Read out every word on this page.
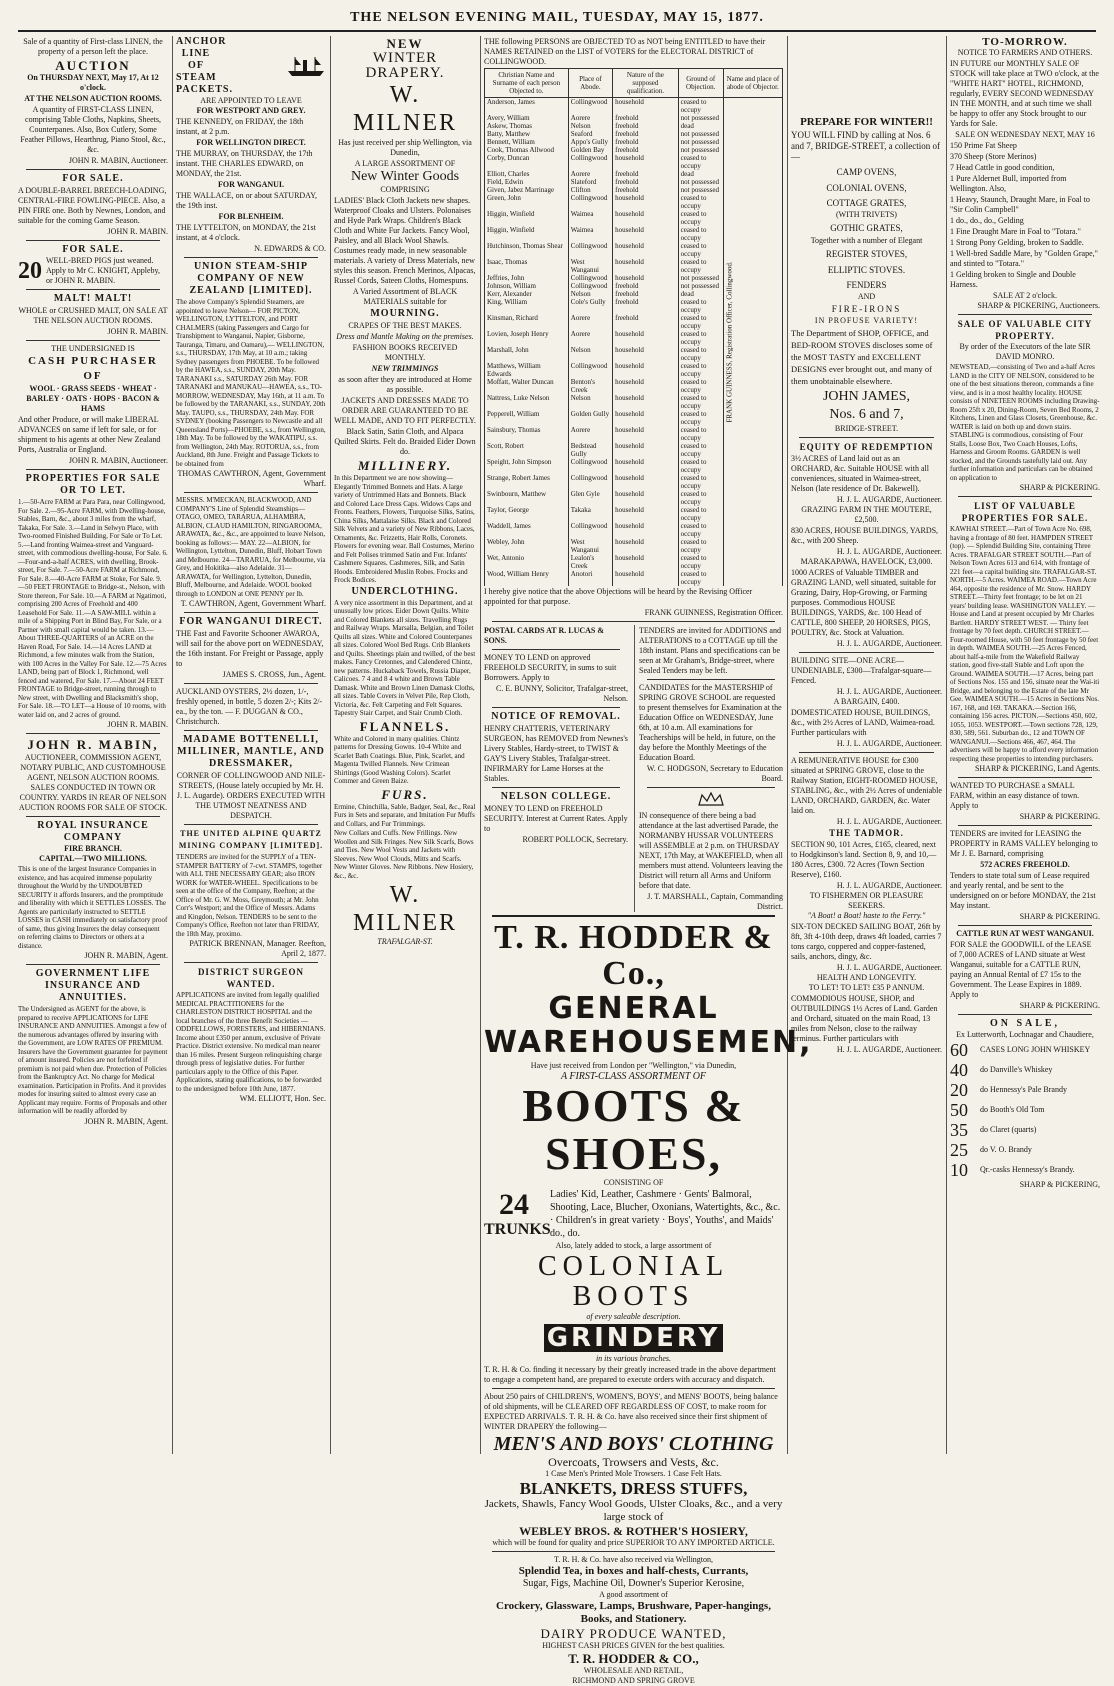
THE NELSON EVENING MAIL, TUESDAY, MAY 15, 1877.
Sale of a quantity of First-class LINEN, the property of a person left the place.
AUCTION
On THURSDAY NEXT, May 17, At 12 o'clock.
AT THE NELSON AUCTION ROOMS.
A quantity of FIRST-CLASS LINEN, comprising Table Cloths, Napkins, Sheets, Counterpanes. Also, Box Cutlery, Some Feather Pillows, Hearthrug, Piano Stool, &c., &c.
JOHN R. MABIN, Auctioneer.
FOR SALE.
A DOUBLE-BARREL BREECH-LOADING, CENTRAL-FIRE FOWLING-PIECE. Also, a PIN FIRE one. Both by Newnes, London, and suitable for the coming Game Season.
JOHN R. MABIN.
FOR SALE.
20 WELL-BRED PIGS just weaned. Apply to Mr C. KNIGHT, Appleby, or JOHN R. MABIN.
MALT! MALT!
WHOLE or CRUSHED MALT, ON SALE AT THE NELSON AUCTION ROOMS.
JOHN R. MABIN.
THE UNDERSIGNED IS
CASH PURCHASER OF
WOOL · GRASS SEEDS · WHEAT · BARLEY · OATS · HOPS · BACON & HAMS
And other Produce, or will make LIBERAL ADVANCES on same if left for sale, or for shipment to his agents at other New Zealand Ports, Australia or England.
JOHN R. MABIN, Auctioneer.
PROPERTIES FOR SALE OR TO LET.
1.—50-Acre FARM at Para Para, near Collingwood, For Sale. 2.—95-Acre FARM, with Dwelling-house, Stables, Barn, &c., about 3 miles from the wharf, Takaka, For Sale. 3.—Land in Selwyn Place, with Two-roomed Finished Building, For Sale or To Let. 5.—Land fronting Waimea-street and Vanguard-street, with commodious dwelling-house, For Sale. 6.—Four-and-a-half ACRES, with dwelling, Brook-street, For Sale. 7.—50-Acre FARM at Richmond, For Sale. 8.—40-Acre FARM at Stoke, For Sale. 9.—50 FEET FRONTAGE to Bridge-st., Nelson, with Store thereon, For Sale. 10.—A FARM at Ngatimoti, comprising 200 Acres of Freehold and 400 Leasehold For Sale. 11.—A SAW-MILL within a mile of a Shipping Port in Blind Bay, For Sale, or a Partner with small capital would be taken. 13.—About THREE-QUARTERS of an ACRE on the Haven Road, For Sale. 14.—14 Acres LAND at Richmond, a few minutes walk from the Station, with 100 Acres in the Valley For Sale. 12.—75 Acres LAND, being part of Block 1, Richmond, well fenced and watered, For Sale. 17.—About 24 FEET FRONTAGE to Bridge-street, running through to New street, with Dwelling and Blacksmith's shop, For Sale. 18.—TO LET—a House of 10 rooms, with water laid on, and 2 acres of ground.
JOHN R. MABIN.
JOHN R. MABIN,
AUCTIONEER, COMMISSION AGENT, NOTARY PUBLIC, AND CUSTOMHOUSE AGENT, NELSON AUCTION ROOMS. SALES CONDUCTED IN TOWN OR COUNTRY. YARDS IN REAR OF NELSON AUCTION ROOMS FOR SALE OF STOCK.
ROYAL INSURANCE COMPANY
FIRE BRANCH.
CAPITAL—TWO MILLIONS.
This is one of the largest Insurance Companies in existence, and has acquired immense popularity throughout the World by the UNDOUBTED SECURITY it affords Insurers, and the promptitude and liberality with which it SETTLES LOSSES. The Agents are particularly instructed to SETTLE LOSSES in CASH immediately on satisfactory proof of same, thus giving Insurers the delay consequent on referring claims to Directors or others at a distance.
JOHN R. MABIN, Agent.
GOVERNMENT LIFE INSURANCE AND ANNUITIES.
The Undersigned as AGENT for the above, is prepared to receive APPLICATIONS for LIFE INSURANCE AND ANNUITIES. Amongst a few of the numerous advantages offered by insuring with the Government, are LOW RATES OF PREMIUM. Insurers have the Government guarantee for payment of amount insured. Policies are not forfeited if premium is not paid when due. Protection of Policies from the Bankruptcy Act. No charge for Medical examination. Participation in Profits. And it provides modes for insuring suited to almost every case an Applicant may require. Forms of Proposals and other information will be readily afforded by
JOHN R. MABIN, Agent.
ANCHOR LINE OF STEAM PACKETS.
ARE APPOINTED TO LEAVE
FOR WESTPORT AND GREY.
THE KENNEDY, on FRIDAY, the 18th instant, at 2 p.m.
FOR WELLINGTON DIRECT.
THE MURRAY, on THURSDAY, the 17th instant. THE CHARLES EDWARD, on MONDAY, the 21st.
FOR WANGANUI.
THE WALLACE, on or about SATURDAY, the 19th inst.
FOR BLENHEIM.
THE LYTTELTON, on MONDAY, the 21st instant, at 4 o'clock.
N. EDWARDS & CO.
UNION STEAM-SHIP COMPANY OF NEW ZEALAND [LIMITED].
The above Company's Splendid Steamers, are appointed to leave Nelson— FOR PICTON, WELLINGTON, LYTTELTON, and PORT CHALMERS (taking Passengers and Cargo for Transhipment to Wanganui, Napier, Gisborne, Tauranga, Timaru, and Oamaru),— WELLINGTON, s.s., THURSDAY, 17th May, at 10 a.m.; taking Sydney passengers from PHOEBE. To be followed by the HAWEA, s.s., SUNDAY, 20th May. TARANAKI s.s., SATURDAY 26th May. FOR TARANAKI and MANUKAU—HAWEA, s.s., TO-MORROW, WEDNESDAY, May 16th, at 11 a.m. To be followed by the TARANAKI, s.s., SUNDAY, 20th May. TAUPO, s.s., THURSDAY, 24th May. FOR SYDNEY (booking Passengers to Newcastle and all Queensland Ports)—PHOEBE, s.s., from Wellington, 18th May. To be followed by the WAKATIPU, s.s. from Wellington, 24th May. ROTORUA, s.s., from Auckland, 8th June. Freight and Passage Tickets to be obtained from
THOMAS CAWTHRON, Agent, Government Wharf.
MESSRS. M'MECKAN, BLACKWOOD, AND COMPANY'S Line of Splendid Steamships—OTAGO, OMEO, TARARUA, ALHAMBRA, ALBION, CLAUD HAMILTON, RINGAROOMA, ARAWATA, &c., &c., are appointed to leave Nelson, booking as follows:— MAY. 22—ALBION, for Wellington, Lyttelton, Dunedin, Bluff, Hobart Town and Melbourne. 24—TARARUA, for Melbourne, via Grey, and Hokitika—also Adelaide. 31—ARAWATA, for Wellington, Lyttelton, Dunedin, Bluff, Melbourne, and Adelaide. WOOL booked through to LONDON at ONE PENNY per lb.
T. CAWTHRON, Agent, Government Wharf.
FOR WANGANUI DIRECT.
THE Fast and Favorite Schooner AWAROA, will sail for the above port on WEDNESDAY, the 16th instant. For Freight or Passage, apply to
JAMES S. CROSS, Jun., Agent.
AUCKLAND OYSTERS, 2½ dozen, 1/-, freshly opened, in bottle, 5 dozen 2/-; Kits 2/- ea., by the ton. — F. DUGGAN & CO., Christchurch.
MADAME BOTTENELLI, MILLINER, MANTLE, AND DRESSMAKER,
CORNER OF COLLINGWOOD AND NILE-STREETS, (House lately occupied by Mr. H. J. L. Augarde). ORDERS EXECUTED WITH THE UTMOST NEATNESS AND DESPATCH.
THE UNITED ALPINE QUARTZ MINING COMPANY [LIMITED].
TENDERS are invited for the SUPPLY of a TEN-STAMPER BATTERY of 7-cwt. STAMPS, together with ALL THE NECESSARY GEAR; also IRON WORK for WATER-WHEEL. Specifications to be seen at the office of the Company, Reefton; at the Office of Mr. G. W. Moss, Greymouth; at Mr. John Corr's Westport; and the Office of Messrs. Adams and Kingdon, Nelson. TENDERS to be sent to the Company's Office, Reefton not later than FRIDAY, the 18th May, proximo.
PATRICK BRENNAN, Manager. Reefton, April 2, 1877.
DISTRICT SURGEON WANTED.
APPLICATIONS are invited from legally qualified MEDICAL PRACTITIONERS for the CHARLESTON DISTRICT HOSPITAL and the local branches of the three Benefit Societies — ODDFELLOWS, FORESTERS, and HIBERNIANS. Income about £350 per annum, exclusive of Private Practice. District extensive. No medical man nearer than 16 miles. Present Surgeon relinquishing charge through press of legislative duties. For further particulars apply to the Office of this Paper. Applications, stating qualifications, to be forwarded to the undersigned before 10th June, 1877.
WM. ELLIOTT, Hon. Sec.
NEW
WINTER DRAPERY.
W. MILNER
Has just received per ship Wellington, via Dunedin,
A LARGE ASSORTMENT OF
New Winter Goods
COMPRISING
LADIES' Black Cloth Jackets new shapes. Waterproof Cloaks and Ulsters. Polonaises and Hyde Park Wraps. Children's Black Cloth and White Fur Jackets. Fancy Wool, Paisley, and all Black Wool Shawls. Costumes ready made, in new seasonable materials. A variety of Dress Materials, new styles this season. French Merinos, Alpacas, Russel Cords, Sateen Cloths, Homespuns.
A Varied Assortment of BLACK MATERIALS suitable for
MOURNING.
CRAPES OF THE BEST MAKES.
Dress and Mantle Making on the premises.
FASHION BOOKS RECEIVED MONTHLY.
NEW TRIMMINGS
as soon after they are introduced at Home as possible.
JACKETS AND DRESSES MADE TO ORDER ARE GUARANTEED TO BE WELL MADE, AND TO FIT PERFECTLY.
Black Satin, Satin Cloth, and Alpaca Quilted Skirts. Felt do. Braided Eider Down do.
MILLINERY.
In this Department we are now showing— Elegantly Trimmed Bonnets and Hats. A large variety of Untrimmed Hats and Bonnets. Black and Colored Lace Dress Caps. Widows Caps and Fronts. Feathers, Flowers, Turquoise Silks, Satins, China Silks, Mattalaise Silks. Black and Colored Silk Velvets and a variety of New Ribbons, Laces, Ornaments, &c. Frizzetts, Hair Rolls, Coronets. Flowers for evening wear. Ball Costumes, Merino and Felt Polises trimmed Satin and Fur. Infants' Cashmere Squares. Cashmeres, Silk, and Satin Hoods. Embroidered Muslin Robes. Frocks and Frock Bodices.
UNDERCLOTHING.
A very nice assortment in this Department, and at unusually low prices. Eider Down Quilts. White and Colored Blankets all sizes. Travelling Rugs and Railway Wraps. Marsalla, Belgian, and Toilet Quilts all sizes. White and Colored Counterpanes all sizes. Colored Wool Bed Rugs. Crib Blankets and Quilts. Sheetings plain and twilled, of the best makes. Fancy Cretonnes, and Calendered Chintz, new patterns. Huckaback Towels, Russia Diaper, Calicoes. 7 4 and 8 4 white and Brown Table Damask. White and Brown Linen Damask Cloths, all sizes. Table Covers in Velvet Pile, Rep Cloth, Victoria, &c. Felt Carpeting and Felt Squares. Tapestry Stair Carpet, and Stair Crumb Cloth.
FLANNELS.
White and Colored in many qualities. Chintz patterns for Dressing Gowns. 10-4 White and Scarlet Bath Coatings. Blue, Pink, Scarlet, and Magenta Twilled Flannels. New Crimean Shirtings (Good Washing Colors). Scarlet Commer and Green Baize.
FURS.
Ermine, Chinchilla, Sable, Badger, Seal, &c., Real Furs in Sets and separate, and Imitation Fur Muffs and Collars, and Fur Trimmings.
New Collars and Cuffs. New Frillings. New Woollen and Silk Fringes. New Silk Scarfs, Bows and Ties. New Wool Vests and Jackets with Sleeves. New Wool Clouds, Mitts and Scarfs. New Winter Gloves. New Ribbons. New Hosiery, &c., &c.
W. MILNER
TRAFALGAR-ST.
THE following PERSONS are OBJECTED TO as NOT being ENTITLED to have their NAMES RETAINED on the LIST of VOTERS for the ELECTORAL DISTRICT of COLLINGWOOD.
Christian Name and Surname of each person Objected to.	Place of Abode.	Nature of the supposed qualification.	Ground of Objection.	Name and place of abode of Objector.
Anderson, James	Collingwood	household	ceased to occupy	FRANK GUINNESS, Registration Officer, Collingwood.
Avery, William	Aorere	freehold	not possessed	
Askew, Thomas	Nelson	freehold	dead	
Batty, Matthew	Seaford	freehold	not possessed	
Bennett, William	Appo's Gully	freehold	not possessed	
Cook, Thomas Allwood	Golden Bay	freehold	not possessed	
Corby, Duncan	Collingwood	household	ceased to occupy	
Elliott, Charles	Aorere	freehold	dead	
Field, Edwin	Slateford	freehold	not possessed	
Given, Jabez Marrinage	Clifton	freehold	not possessed	
Green, John	Collingwood	household	ceased to occupy	
Higgin, Winfield	Waimea	household	ceased to occupy	
Higgin, Winfield	Waimea	household	ceased to occupy	
Hutchinson, Thomas Shear	Collingwood	household	ceased to occupy	
Isaac, Thomas	West Wanganui	household	ceased to occupy	
Jeffries, John	Collingwood	household	not possessed	
Johnson, William	Collingwood	freehold	not possessed	
Kerr, Alexander	Nelson	freehold	dead	
King, William	Cole's Gully	freehold	ceased to occupy	
Kinsman, Richard	Aorere	freehold	ceased to occupy	
Lovien, Joseph Henry	Aorere	household	ceased to occupy	
Marshall, John	Nelson	household	ceased to occupy	
Matthews, William Edwards	Collingwood	household	ceased to occupy	
Moffatt, Walter Duncan	Benton's Creek	household	ceased to occupy	
Nattress, Luke Nelson	Nelson	household	ceased to occupy	
Pepperell, William	Golden Gully	household	ceased to occupy	
Sainsbury, Thomas	Aorere	household	ceased to occupy	
Scott, Robert	Bedstead Gully	household	ceased to occupy	
Speight, John Simpson	Collingwood	household	ceased to occupy	
Strange, Robert James	Collingwood	household	ceased to occupy	
Swinbourn, Matthew	Glen Gyle	household	ceased to occupy	
Taylor, George	Takaka	household	ceased to occupy	
Waddell, James	Collingwood	household	ceased to occupy	
Webley, John	West Wanganui	household	ceased to occupy	
Wet, Antonio	Lealon's Creek	household	ceased to occupy	
Wood, William Henry	Anotori	household	ceased to occupy	
I hereby give notice that the above Objections will be heard by the Revising Officer appointed for that purpose.
FRANK GUINNESS, Registration Officer.
POSTAL CARDS AT R. LUCAS & SONS.
MONEY TO LEND on approved FREEHOLD SECURITY, in sums to suit Borrowers. Apply to
C. E. BUNNY, Solicitor, Trafalgar-street, Nelson.
NOTICE OF REMOVAL.
HENRY CHATTERIS, VETERINARY SURGEON, has REMOVED from Newnes's Livery Stables, Hardy-street, to TWIST & GAY'S Livery Stables, Trafalgar-street. INFIRMARY for Lame Horses at the Stables.
NELSON COLLEGE.
MONEY TO LEND on FREEHOLD SECURITY. Interest at Current Rates. Apply to
ROBERT POLLOCK, Secretary.
TENDERS are invited for ADDITIONS and ALTERATIONS to a COTTAGE up till the 18th instant. Plans and specifications can be seen at Mr Graham's, Bridge-street, where Sealed Tenders may be left.
CANDIDATES for the MASTERSHIP of SPRING GROVE SCHOOL are requested to present themselves for Examination at the Education Office on WEDNESDAY, June 6th, at 10 a.m. All examinations for Teacherships will be held, in future, on the day before the Monthly Meetings of the Education Board.
W. C. HODGSON, Secretary to Education Board.
IN consequence of there being a bad attendance at the last advertised Parade, the NORMANBY HUSSAR VOLUNTEERS will ASSEMBLE at 2 p.m. on THURSDAY NEXT, 17th May, at WAKEFIELD, when all members must attend. Volunteers leaving the District will return all Arms and Uniform before that date.
J. T. MARSHALL, Captain, Commanding District.
T. R. HODDER & Co.,
GENERAL WAREHOUSEMEN,
Have just received from London per "Wellington," via Dunedin,
A FIRST-CLASS ASSORTMENT OF
BOOTS & SHOES,
CONSISTING OF
24
TRUNKS
Ladies' Kid, Leather, Cashmere · Gents' Balmoral, Shooting, Lace, Blucher, Oxonians, Watertights, &c., &c. · Children's in great variety · Boys', Youths', and Maids' do., do.
Also, lately added to stock, a large assortment of
COLONIAL BOOTS
of every saleable description.
GRINDERY
in its various branches.
T. R. H. & Co. finding it necessary by their greatly increased trade in the above department to engage a competent hand, are prepared to execute orders with accuracy and dispatch.
About 250 pairs of CHILDREN'S, WOMEN'S, BOYS', and MENS' BOOTS, being balance of old shipments, will be CLEARED OFF REGARDLESS OF COST, to make room for EXPECTED ARRIVALS. T. R. H. & Co. have also received since their first shipment of WINTER DRAPERY the following—
MEN'S AND BOYS' CLOTHING
Overcoats, Trowsers and Vests, &c.
1 Case Men's Printed Mole Trowsers. 1 Case Felt Hats.
BLANKETS, DRESS STUFFS,
Jackets, Shawls, Fancy Wool Goods, Ulster Cloaks, &c., and a very large stock of
WEBLEY BROS. & ROTHER'S HOSIERY,
which will be found for quality and price SUPERIOR TO ANY IMPORTED ARTICLE.
T. R. H. & Co. have also received via Wellington,
Splendid Tea, in boxes and half-chests, Currants,
Sugar, Figs, Machine Oil, Downer's Superior Kerosine,
A good assortment of
Crockery, Glassware, Lamps, Brushware, Paper-hangings, Books, and Stationery.
DAIRY PRODUCE WANTED,
HIGHEST CASH PRICES GIVEN for the best qualities.
T. R. HODDER & CO.,
WHOLESALE AND RETAIL,
RICHMOND AND SPRING GROVE
PREPARE FOR WINTER!!
YOU WILL FIND by calling at Nos. 6 and 7, BRIDGE-STREET, a collection of—
CAMP OVENS,
COLONIAL OVENS,
COTTAGE GRATES,
(WITH TRIVETS)
GOTHIC GRATES,
Together with a number of Elegant
REGISTER STOVES,
ELLIPTIC STOVES.
FENDERS
AND
FIRE-IRONS
IN PROFUSE VARIETY!
The Department of SHOP, OFFICE, and BED-ROOM STOVES discloses some of the MOST TASTY and EXCELLENT DESIGNS ever brought out, and many of them unobtainable elsewhere.
JOHN JAMES,
Nos. 6 and 7,
BRIDGE-STREET.
EQUITY OF REDEMPTION
3½ ACRES of Land laid out as an ORCHARD, &c. Suitable HOUSE with all conveniences, situated in Waimea-street, Nelson (late residence of Dr. Bakewell).
H. J. L. AUGARDE, Auctioneer.
GRAZING FARM IN THE MOUTERE, £2,500.
830 ACRES, HOUSE BUILDINGS, YARDS, &c., with 200 Sheep.
H. J. L. AUGARDE, Auctioneer.
MARAKAPAWA, HAVELOCK, £3,000.
1000 ACRES of Valuable TIMBER and GRAZING LAND, well situated, suitable for Grazing, Dairy, Hop-Growing, or Farming purposes. Commodious HOUSE BUILDINGS, YARDS, &c. 100 Head of CATTLE, 800 SHEEP, 20 HORSES, PIGS, POULTRY, &c. Stock at Valuation.
H. J. L. AUGARDE, Auctioneer.
BUILDING SITE—ONE ACRE—UNDENIABLE, £300—Trafalgar-square—Fenced.
H. J. L. AUGARDE, Auctioneer.
A BARGAIN, £400.
DOMESTICATED HOUSE, BUILDINGS, &c., with 2½ Acres of LAND, Waimea-road. Further particulars with
H. J. L. AUGARDE, Auctioneer.
A REMUNERATIVE HOUSE for £300 situated at SPRING GROVE, close to the Railway Station, EIGHT-ROOMED HOUSE, STABLING, &c., with 2½ Acres of undeniable LAND, ORCHARD, GARDEN, &c. Water laid on.
H. J. L. AUGARDE, Auctioneer.
THE TADMOR.
SECTION 90, 101 Acres, £165, cleared, next to Hodgkinson's land. Section 8, 9, and 10,—180 Acres, £300. 72 Acres (Town Section Reserve), £160.
H. J. L. AUGARDE, Auctioneer.
TO FISHERMEN OR PLEASURE SEEKERS.
"A Boat! a Boat! haste to the Ferry."
SIX-TON DECKED SAILING BOAT, 26ft by 8ft, 3ft 4-10th deep, draws 4ft loaded, carries 7 tons cargo, coppered and copper-fastened, sails, anchors, dingy, &c.
H. J. L. AUGARDE, Auctioneer.
HEALTH AND LONGEVITY.
TO LET! TO LET! £35 P ANNUM.
COMMODIOUS HOUSE, SHOP, and OUTBUILDINGS 1½ Acres of Land. Garden and Orchard, situated on the main Road, 13 miles from Nelson, close to the railway terminus. Further particulars with
H. J. L. AUGARDE, Auctioneer.
TO-MORROW.
NOTICE TO FARMERS AND OTHERS.
IN FUTURE our MONTHLY SALE OF STOCK will take place at TWO o'clock, at the "WHITE HART" HOTEL, RICHMOND, regularly, EVERY SECOND WEDNESDAY IN THE MONTH, and at such time we shall be happy to offer any Stock brought to our Yards for Sale.
SALE ON WEDNESDAY NEXT, MAY 16
150 Prime Fat Sheep
370 Sheep (Store Merinos)
7 Head Cattle in good condition,
1 Pure Aldernet Bull, imported from Wellington. Also,
1 Heavy, Staunch, Draught Mare, in Foal to "Sir Colin Campbell"
1 do., do., do., Gelding
1 Fine Draught Mare in Foal to "Totara."
1 Strong Pony Gelding, broken to Saddle.
1 Well-bred Saddle Mare, by "Golden Grape," and stinted to "Totara."
1 Gelding broken to Single and Double Harness.
SALE AT 2 o'clock.
SHARP & PICKERING, Auctioneers.
SALE OF VALUABLE CITY PROPERTY.
By order of the Executors of the late SIR DAVID MONRO.
NEWSTEAD,—consisting of Two and a-half Acres LAND in the CITY OF NELSON, considered to be one of the best situations thereon, commands a fine view, and is in a most healthy locality. HOUSE consists of NINETEEN ROOMS including Drawing-Room 25ft x 20, Dining-Room, Seven Bed Rooms, 2 Kitchens, Linen and Glass Closets, Greenhouse, &c. WATER is laid on both up and down stairs. STABLING is commodious, consisting of Four Stalls, Loose Box, Two Coach Houses, Lofts, Harness and Groom Rooms. GARDEN is well stocked, and the Grounds tastefully laid out. Any further information and particulars can be obtained on application to
SHARP & PICKERING.
LIST OF VALUABLE PROPERTIES FOR SALE.
KAWHAI STREET.—Part of Town Acre No. 698, having a frontage of 80 feet. HAMPDEN STREET (top). — Splendid Building Site, containing Three Acres. TRAFALGAR STREET SOUTH.—Part of Nelson Town Acres 613 and 614, with frontage of 221 feet—a capital building site. TRAFALGAR-ST. NORTH.—5 Acres. WAIMEA ROAD.—Town Acre 464, opposite the residence of Mr. Snow. HARDY STREET.—Thirty feet frontage; to be let on 21 years' building lease. WASHINGTON VALLEY. — House and Land at present occupied by Mr Charles Bartlett. HARDY STREET WEST. — Thirty feet frontage by 70 feet depth. CHURCH STREET.—Four-roomed House, with 50 feet frontage by 50 feet in depth. WAIMEA SOUTH.—25 Acres Fenced, about half-a-mile from the Wakefield Railway station, good five-stall Stable and Loft upon the Ground. WAIMEA SOUTH.—17 Acres, being part of Sections Nos. 155 and 156, situate near the Wai-iti Bridge, and belonging to the Estate of the late Mr Gee. WAIMEA SOUTH.—15 Acres in Sections Nos. 167, 168, and 169. TAKAKA.—Section 166, containing 156 acres. PICTON.—Sections 450, 602, 1055, 1053. WESTPORT.—Town sections 728, 129, 830, 589, 561. Suburban do., 12 and TOWN OF WANGANUI.—Sections 466, 467, 464. The advertisers will be happy to afford every information respecting these properties to intending purchasers.
SHARP & PICKERING, Land Agents.
WANTED TO PURCHASE a SMALL FARM, within an easy distance of town. Apply to
SHARP & PICKERING.
TENDERS are invited for LEASING the PROPERTY in RAMS VALLEY belonging to Mr J. E. Barnard, comprising
572 ACRES FREEHOLD.
Tenders to state total sum of Lease required and yearly rental, and be sent to the undersigned on or before MONDAY, the 21st May instant.
SHARP & PICKERING.
CATTLE RUN AT WEST WANGANUI.
FOR SALE the GOODWILL of the LEASE of 7,000 ACRES of LAND situate at West Wanganui, suitable for a CATTLE RUN, paying an Annual Rental of £7 15s to the Government. The Lease Expires in 1889. Apply to
SHARP & PICKERING.
ON SALE,
Ex Lutterworth, Lochnagar and Chaudiere,
60	CASES LONG JOHN WHISKEY
40	do Danville's Whiskey
20	do Hennessy's Pale Brandy
50	do Booth's Old Tom
35	do Claret (quarts)
25	do V. O. Brandy
10	Qr.-casks Hennessy's Brandy.
SHARP & PICKERING,
